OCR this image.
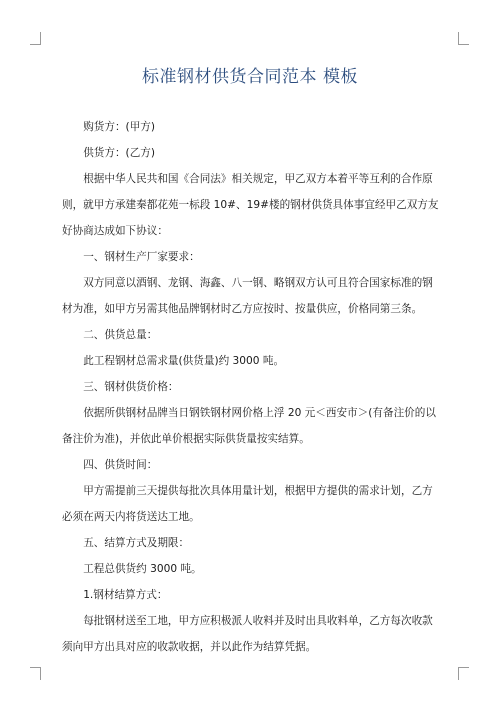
标准钢材供货合同范本 模板

购货方：(甲方)

供货方：(乙方)

根据中华人民共和国《合同法》相关规定，甲乙双方本着平等互利的合作原则，就甲方承建秦都花苑一标段 10#、19#楼的钢材供货具体事宜经甲乙双方友好协商达成如下协议：

一、钢材生产厂家要求：

双方同意以酒钢、龙钢、海鑫、八一钢、略钢双方认可且符合国家标准的钢材为准，如甲方另需其他品牌钢材时乙方应按时、按量供应，价格同第三条。

二、供货总量：

此工程钢材总需求量(供货量)约 3000 吨。

三、钢材供货价格：

依据所供钢材品牌当日钢铁钢材网价格上浮 20 元＜西安市＞(有备注价的以备注价为准)，并依此单价根据实际供货量按实结算。

四、供货时间：

甲方需提前三天提供每批次具体用量计划，根据甲方提供的需求计划，乙方必须在两天内将货送达工地。

五、结算方式及期限：

工程总供货约 3000 吨。

1.钢材结算方式：

每批钢材送至工地，甲方应积极派人收料并及时出具收料单，乙方每次收款须向甲方出具对应的收款收据，并以此作为结算凭据。
